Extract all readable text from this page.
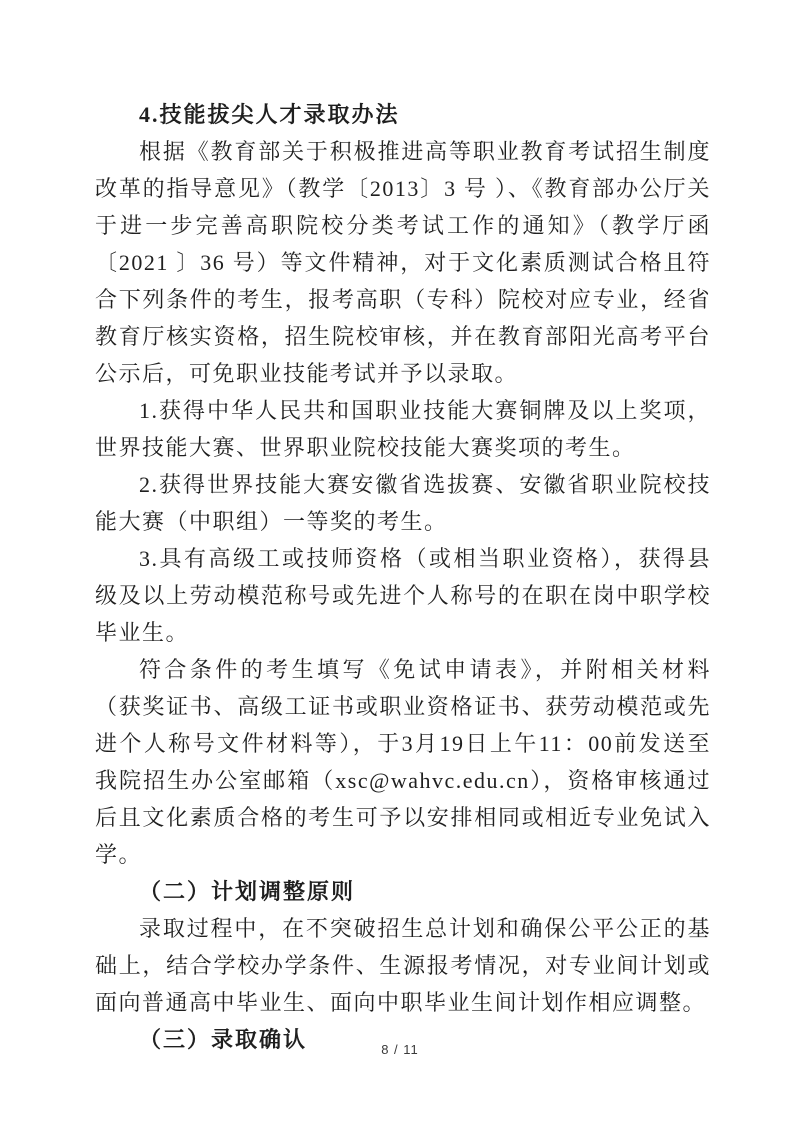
4.技能拔尖人才录取办法

根据《教育部关于积极推进高等职业教育考试招生制度改革的指导意见》（教学〔2013〕3 号 ）、《教育部办公厅关于进一步完善高职院校分类考试工作的通知》（教学厅函〔2021 〕36 号）等文件精神，对于文化素质测试合格且符合下列条件的考生，报考高职（专科）院校对应专业，经省教育厅核实资格，招生院校审核，并在教育部阳光高考平台公示后，可免职业技能考试并予以录取。

1.获得中华人民共和国职业技能大赛铜牌及以上奖项，世界技能大赛、世界职业院校技能大赛奖项的考生。

2.获得世界技能大赛安徽省选拔赛、安徽省职业院校技能大赛（中职组）一等奖的考生。

3.具有高级工或技师资格（或相当职业资格），获得县级及以上劳动模范称号或先进个人称号的在职在岗中职学校毕业生。

符合条件的考生填写《免试申请表》，并附相关材料（获奖证书、高级工证书或职业资格证书、获劳动模范或先进个人称号文件材料等），于3月19日上午11：00前发送至我院招生办公室邮箱（xsc@wahvc.edu.cn），资格审核通过后且文化素质合格的考生可予以安排相同或相近专业免试入学。

（二）计划调整原则

录取过程中，在不突破招生总计划和确保公平公正的基础上，结合学校办学条件、生源报考情况，对专业间计划或面向普通高中毕业生、面向中职毕业生间计划作相应调整。

（三）录取确认	8 / 11
